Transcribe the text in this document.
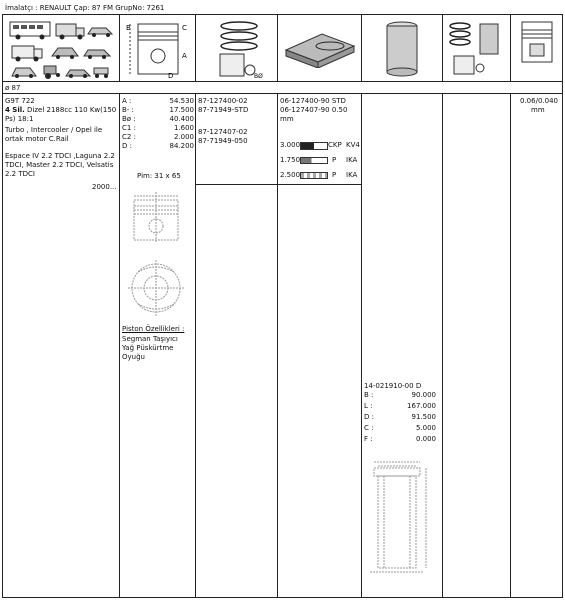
İmalatçı : RENAULT Çap: 87 FM GrupNo: 7261
B	C
A
D	BØ
ø 87
G9T 722
4 Sil. Dizel 2188cc 110 Kw(150 Ps) 18:1
Turbo , Intercooler / Opel ile ortak motor C.Rail
Espace IV 2.2 TDCI ,Laguna 2.2 TDCI, Master 2.2 TDCI, Velsatis 2.2 TDCI
2000...
A :	54.530
B- :	17.500
Bø :	40.400
C1 :	1.600
C2 :	2.000
D :	84.200
Pim: 31 x 65
Piston Özellikleri :
Segman Taşıyıcı
Yağ Püskürtme
Oyuğu
87-127400-02
87-71949-STD
87-127407-02
87-71949-050
06-127400-90 STD
06-127407-90 0.50
mm
3.000	CKP KV4
1.750	P IKA
2.500	P IKA
14-021910-00 D
B :	90.000
L :	167.000
D :	91.500
C :	5.000
F :	0.000
0.06/0.040
mm
